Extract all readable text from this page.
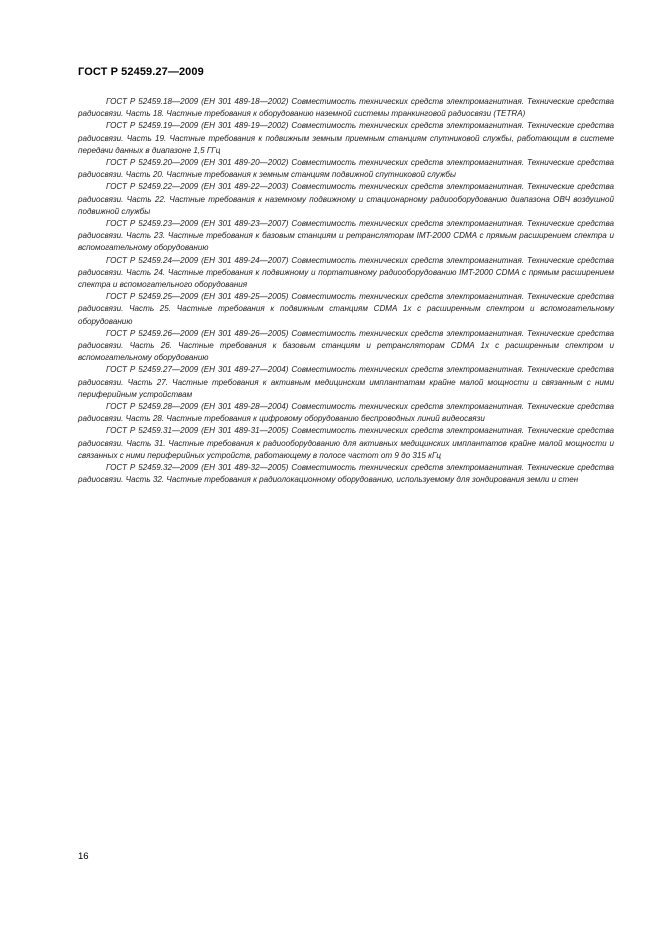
ГОСТ Р 52459.27—2009

ГОСТ Р 52459.18—2009 (ЕН 301 489-18—2002) Совместимость технических средств электромагнитная. Технические средства радиосвязи. Часть 18. Частные требования к оборудованию наземной системы транкинговой радиосвязи (TETRA)

ГОСТ Р 52459.19—2009 (ЕН 301 489-19—2002) Совместимость технических средств электромагнитная. Технические средства радиосвязи. Часть 19. Частные требования к подвижным земным приемным станциям спутниковой службы, работающим в системе передачи данных в диапазоне 1,5 ГГц

ГОСТ Р 52459.20—2009 (ЕН 301 489-20—2002) Совместимость технических средств электромагнитная. Технические средства радиосвязи. Часть 20. Частные требования к земным станциям подвижной спутниковой службы

ГОСТ Р 52459.22—2009 (ЕН 301 489-22—2003) Совместимость технических средств электромагнитная. Технические средства радиосвязи. Часть 22. Частные требования к наземному подвижному и стационарному радиооборудованию диапазона ОВЧ воздушной подвижной службы

ГОСТ Р 52459.23—2009 (ЕН 301 489-23—2007) Совместимость технических средств электромагнитная. Технические средства радиосвязи. Часть 23. Частные требования к базовым станциям и ретрансляторам IMT-2000 CDMA с прямым расширением спектра и вспомогательному оборудованию

ГОСТ Р 52459.24—2009 (ЕН 301 489-24—2007) Совместимость технических средств электромагнитная. Технические средства радиосвязи. Часть 24. Частные требования к подвижному и портативному радиооборудованию IMT-2000 CDMA с прямым расширением спектра и вспомогательного оборудования

ГОСТ Р 52459.25—2009 (ЕН 301 489-25—2005) Совместимость технических средств электромагнитная. Технические средства радиосвязи. Часть 25. Частные требования к подвижным станциям CDMA 1x с расширенным спектром и вспомогательному оборудованию

ГОСТ Р 52459.26—2009 (ЕН 301 489-26—2005) Совместимость технических средств электромагнитная. Технические средства радиосвязи. Часть 26. Частные требования к базовым станциям и ретрансляторам CDMA 1x с расширенным спектром и вспомогательному оборудованию

ГОСТ Р 52459.27—2009 (ЕН 301 489-27—2004) Совместимость технических средств электромагнитная. Технические средства радиосвязи. Часть 27. Частные требования к активным медицинским имплантатам крайне малой мощности и связанным с ними периферийным устройствам

ГОСТ Р 52459.28—2009 (ЕН 301 489-28—2004) Совместимость технических средств электромагнитная. Технические средства радиосвязи. Часть 28. Частные требования к цифровому оборудованию беспроводных линий видеосвязи

ГОСТ Р 52459.31—2009 (ЕН 301 489-31—2005) Совместимость технических средств электромагнитная. Технические средства радиосвязи. Часть 31. Частные требования к радиооборудованию для активных медицинских имплантатов крайне малой мощности и связанных с ними периферийных устройств, работающему в полосе частот от 9 до 315 кГц

ГОСТ Р 52459.32—2009 (ЕН 301 489-32—2005) Совместимость технических средств электромагнитная. Технические средства радиосвязи. Часть 32. Частные требования к радиолокационному оборудованию, используемому для зондирования земли и стен

16
